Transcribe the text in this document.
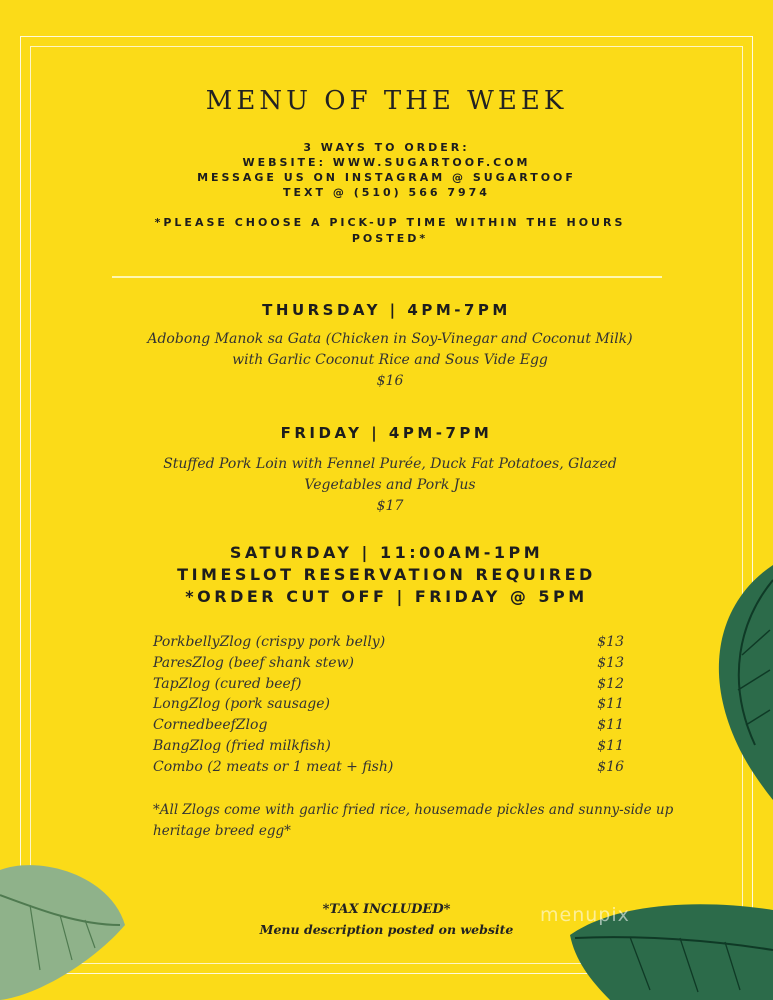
MENU OF THE WEEK
3 WAYS TO ORDER:
WEBSITE: WWW.SUGARTOOF.COM
MESSAGE US ON INSTAGRAM @ SUGARTOOF
TEXT @ (510) 566 7974
*PLEASE CHOOSE A PICK-UP TIME WITHIN THE HOURS POSTED*
THURSDAY | 4PM-7PM
Adobong Manok sa Gata (Chicken in Soy-Vinegar and Coconut Milk) with Garlic Coconut Rice and Sous Vide Egg
$16
FRIDAY | 4PM-7PM
Stuffed Pork Loin with Fennel Purée, Duck Fat Potatoes, Glazed Vegetables and Pork Jus
$17
SATURDAY | 11:00AM-1PM
TIMESLOT RESERVATION REQUIRED
*ORDER CUT OFF | FRIDAY @ 5PM
PorkbellyZlog (crispy pork belly)	$13
ParesZlog (beef shank stew)	$13
TapZlog (cured beef)	$12
LongZlog (pork sausage)	$11
CornedbeefZlog	$11
BangZlog (fried milkfish)	$11
Combo (2 meats or 1 meat + fish)	$16
*All Zlogs come with garlic fried rice, housemade pickles and sunny-side up heritage breed egg*
*TAX INCLUDED*
Menu description posted on website
menupix
